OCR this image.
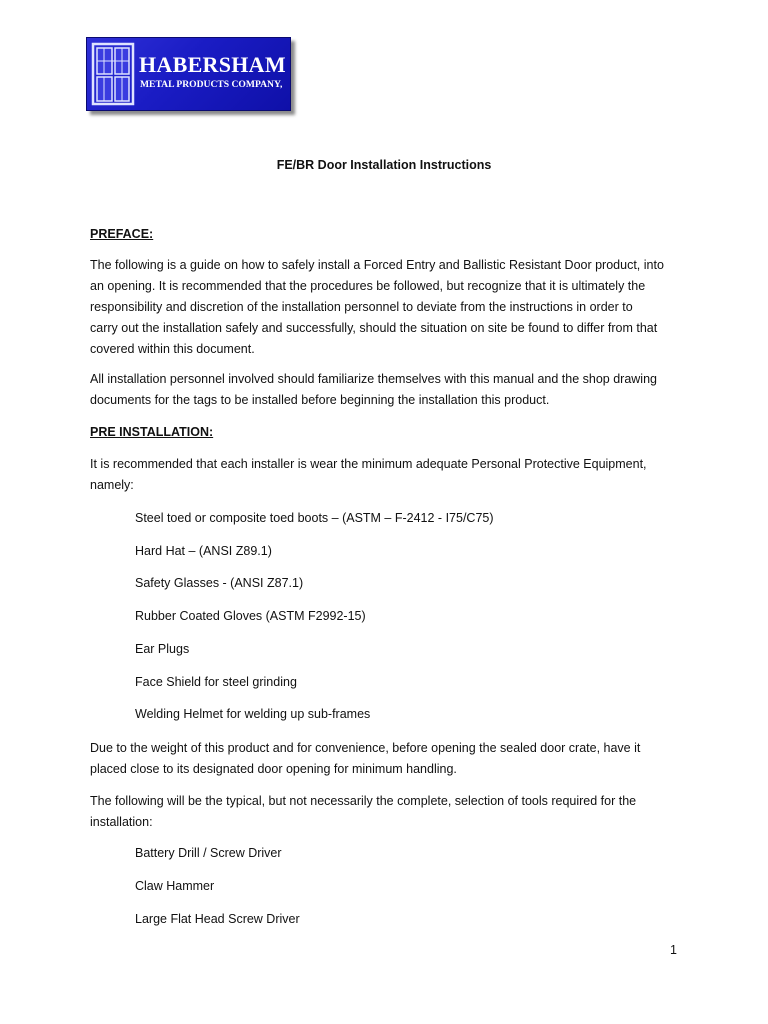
HABERSHAM
METAL PRODUCTS COMPANY,
FE/BR Door Installation Instructions
PREFACE:
The following is a guide on how to safely install a Forced Entry and Ballistic Resistant Door product, into
an opening. It is recommended that the procedures be followed, but recognize that it is ultimately the
responsibility and discretion of the installation personnel to deviate from the instructions in order to
carry out the installation safely and successfully, should the situation on site be found to differ from that
covered within this document.
All installation personnel involved should familiarize themselves with this manual and the shop drawing
documents for the tags to be installed before beginning the installation this product.
PRE INSTALLATION:
It is recommended that each installer is wear the minimum adequate Personal Protective Equipment,
namely:
Steel toed or composite toed boots – (ASTM – F-2412 - I75/C75)
Hard Hat – (ANSI Z89.1)
Safety Glasses - (ANSI Z87.1)
Rubber Coated Gloves (ASTM F2992-15)
Ear Plugs
Face Shield for steel grinding
Welding Helmet for welding up sub-frames
Due to the weight of this product and for convenience, before opening the sealed door crate, have it
placed close to its designated door opening for minimum handling.
The following will be the typical, but not necessarily the complete, selection of tools required for the
installation:
Battery Drill / Screw Driver
Claw Hammer
Large Flat Head Screw Driver
1
